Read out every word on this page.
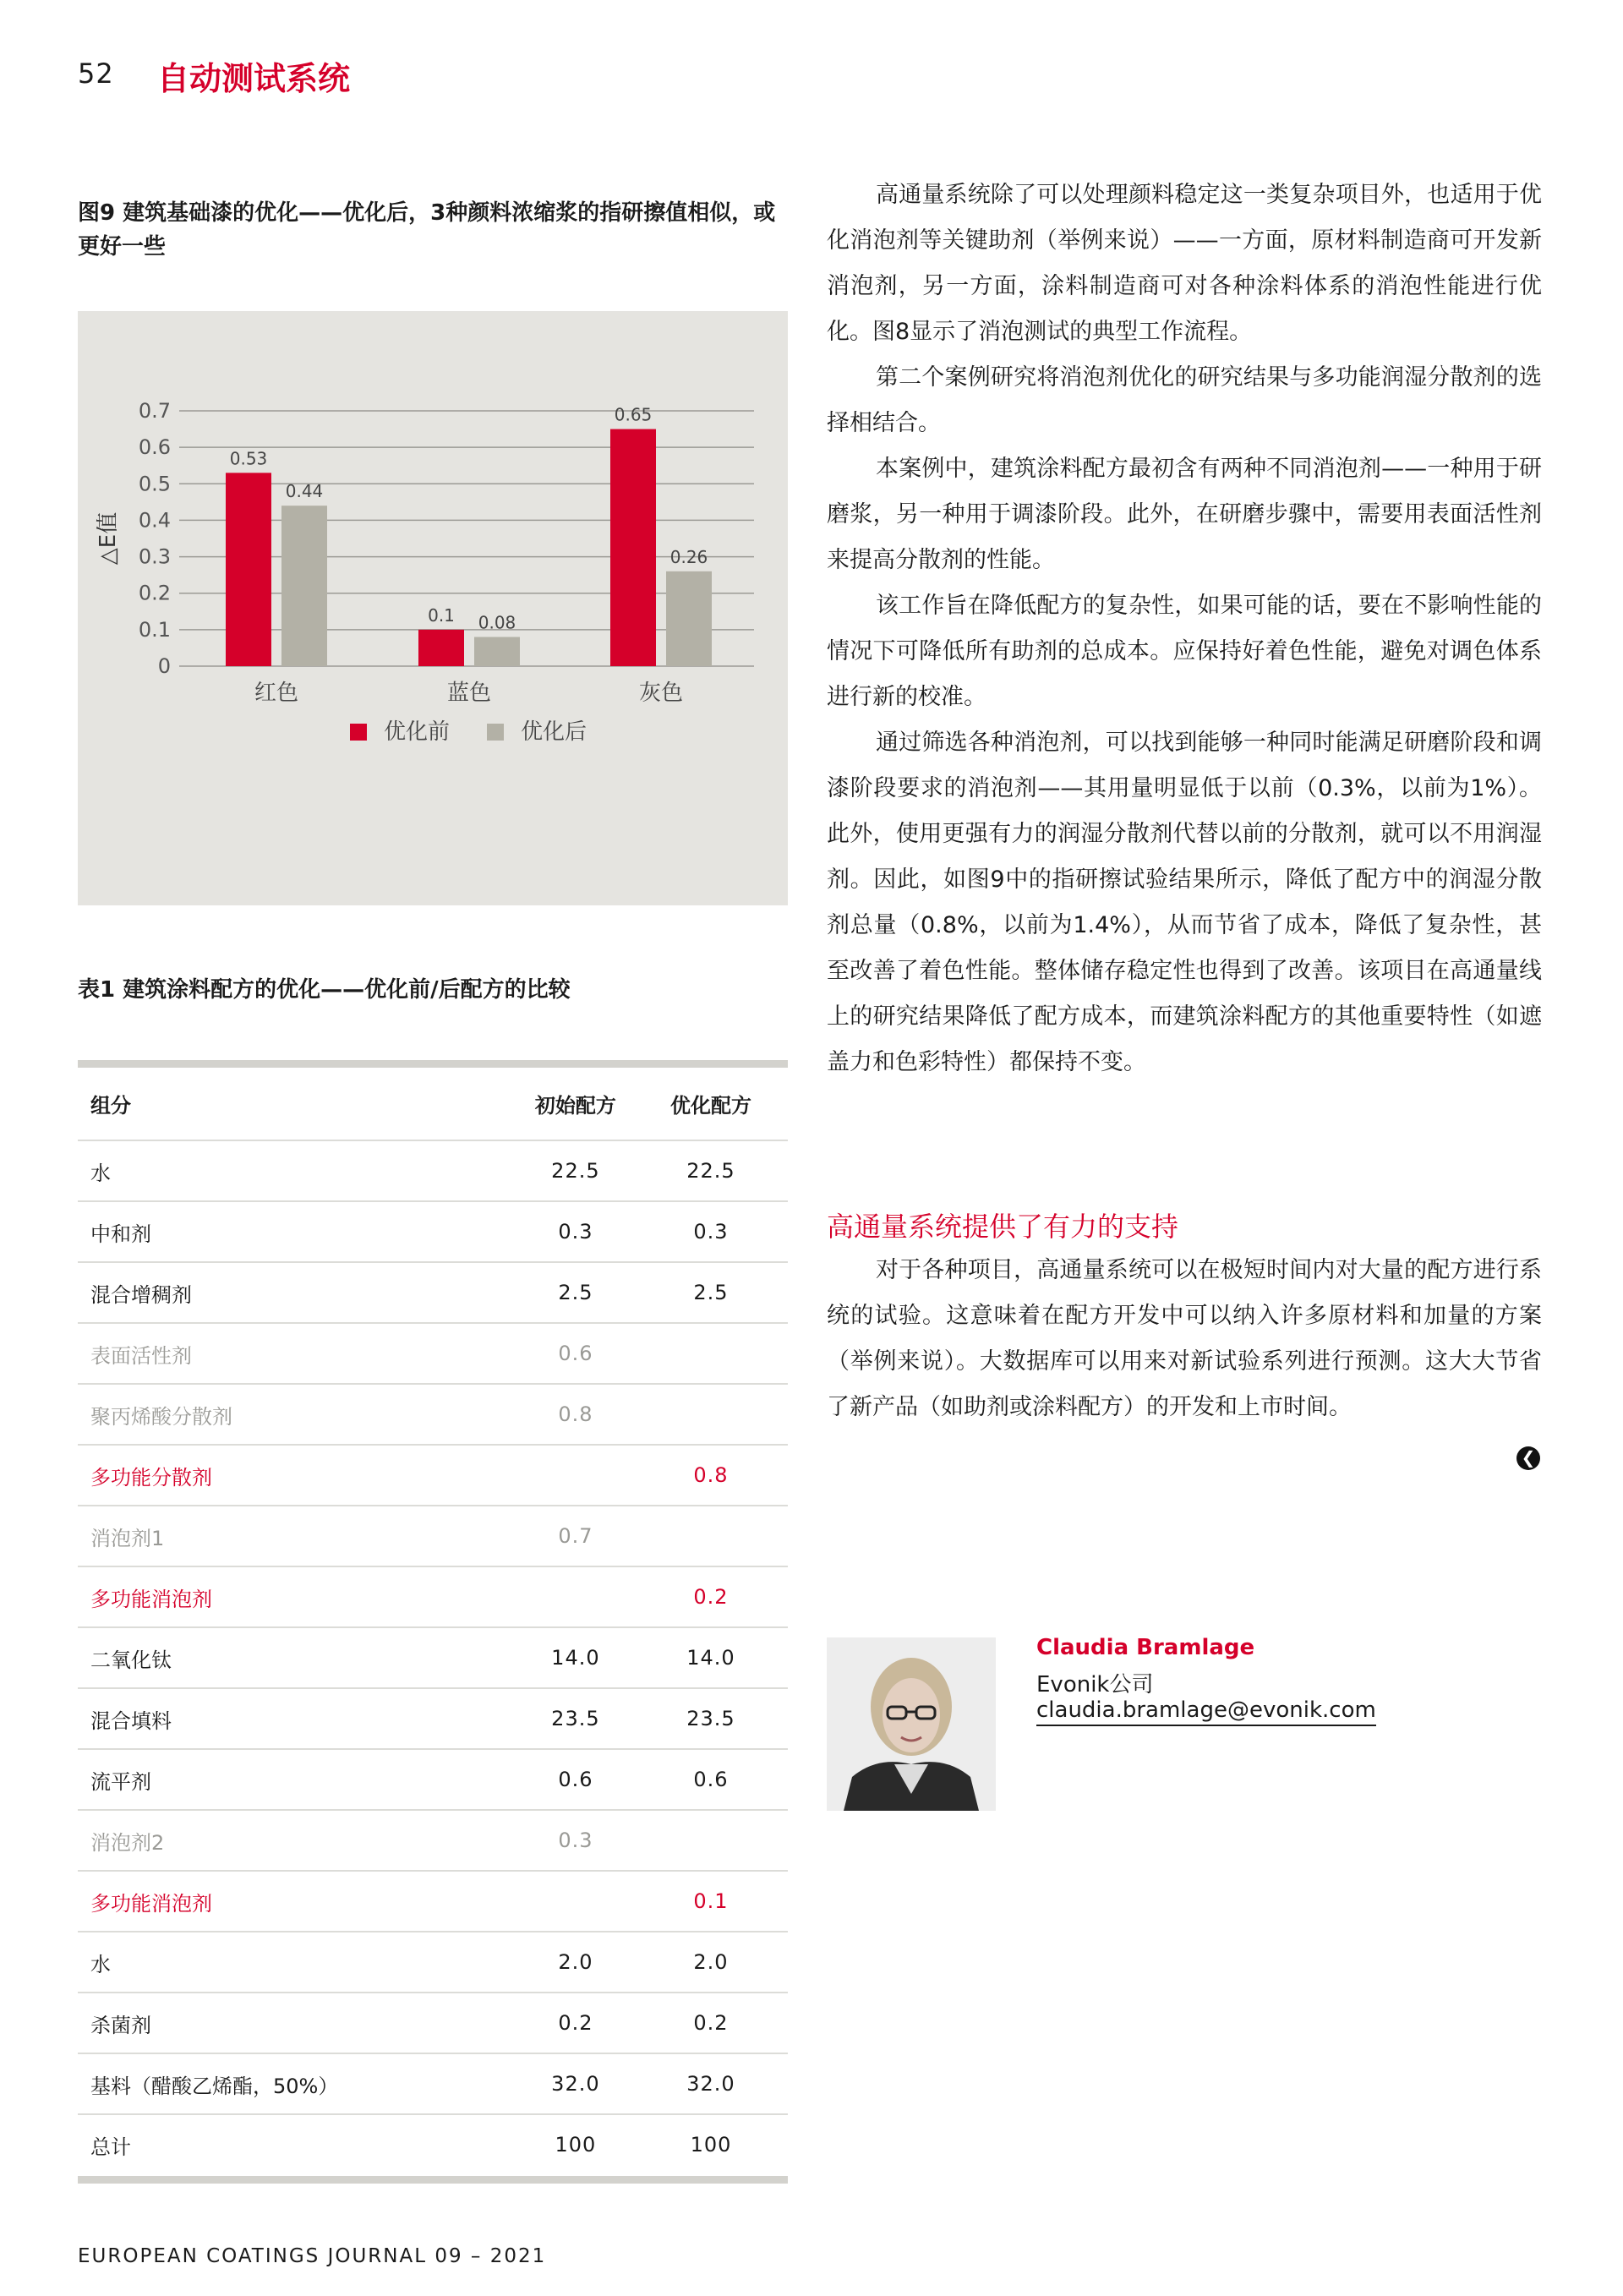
52 自动测试系统
图9 建筑基础漆的优化——优化后，3种颜料浓缩浆的指研擦值相似，或更好一些
0
0.1
0.2
0.3
0.4
0.5
0.6
0.7
△E值
0.53
0.44
红色
0.1 0.08
蓝色
0.65
0.26
灰色
优化前	优化后
表1 建筑涂料配方的优化——优化前/后配方的比较
组分	初始配方	优化配方
水	22.5	22.5
中和剂	0.3	0.3
混合增稠剂	2.5	2.5
表面活性剂	0.6	
聚丙烯酸分散剂	0.8	
多功能分散剂		0.8
消泡剂1	0.7	
多功能消泡剂		0.2
二氧化钛	14.0	14.0
混合填料	23.5	23.5
流平剂	0.6	0.6
消泡剂2	0.3	
多功能消泡剂		0.1
水	2.0	2.0
杀菌剂	0.2	0.2
基料（醋酸乙烯酯，50%）	32.0	32.0
总计	100	100

高通量系统除了可以处理颜料稳定这一类复杂项目外，也适用于优化消泡剂等关键助剂（举例来说）——一方面，原材料制造商可开发新消泡剂，另一方面，涂料制造商可对各种涂料体系的消泡性能进行优化。图8显示了消泡测试的典型工作流程。

第二个案例研究将消泡剂优化的研究结果与多功能润湿分散剂的选择相结合。

本案例中，建筑涂料配方最初含有两种不同消泡剂——一种用于研磨浆，另一种用于调漆阶段。此外，在研磨步骤中，需要用表面活性剂来提高分散剂的性能。

该工作旨在降低配方的复杂性，如果可能的话，要在不影响性能的情况下可降低所有助剂的总成本。应保持好着色性能，避免对调色体系进行新的校准。

通过筛选各种消泡剂，可以找到能够一种同时能满足研磨阶段和调漆阶段要求的消泡剂——其用量明显低于以前（0.3%，以前为1%）。此外，使用更强有力的润湿分散剂代替以前的分散剂，就可以不用润湿剂。因此，如图9中的指研擦试验结果所示，降低了配方中的润湿分散剂总量（0.8%，以前为1.4%），从而节省了成本，降低了复杂性，甚至改善了着色性能。整体储存稳定性也得到了改善。该项目在高通量线上的研究结果降低了配方成本，而建筑涂料配方的其他重要特性（如遮盖力和色彩特性）都保持不变。

高通量系统提供了有力的支持

对于各种项目，高通量系统可以在极短时间内对大量的配方进行系统的试验。这意味着在配方开发中可以纳入许多原材料和加量的方案（举例来说）。大数据库可以用来对新试验系列进行预测。这大大节省了新产品（如助剂或涂料配方）的开发和上市时间。

❮
Claudia Bramlage
Evonik公司
claudia.bramlage@evonik.com
EUROPEAN COATINGS JOURNAL 09 – 2021
